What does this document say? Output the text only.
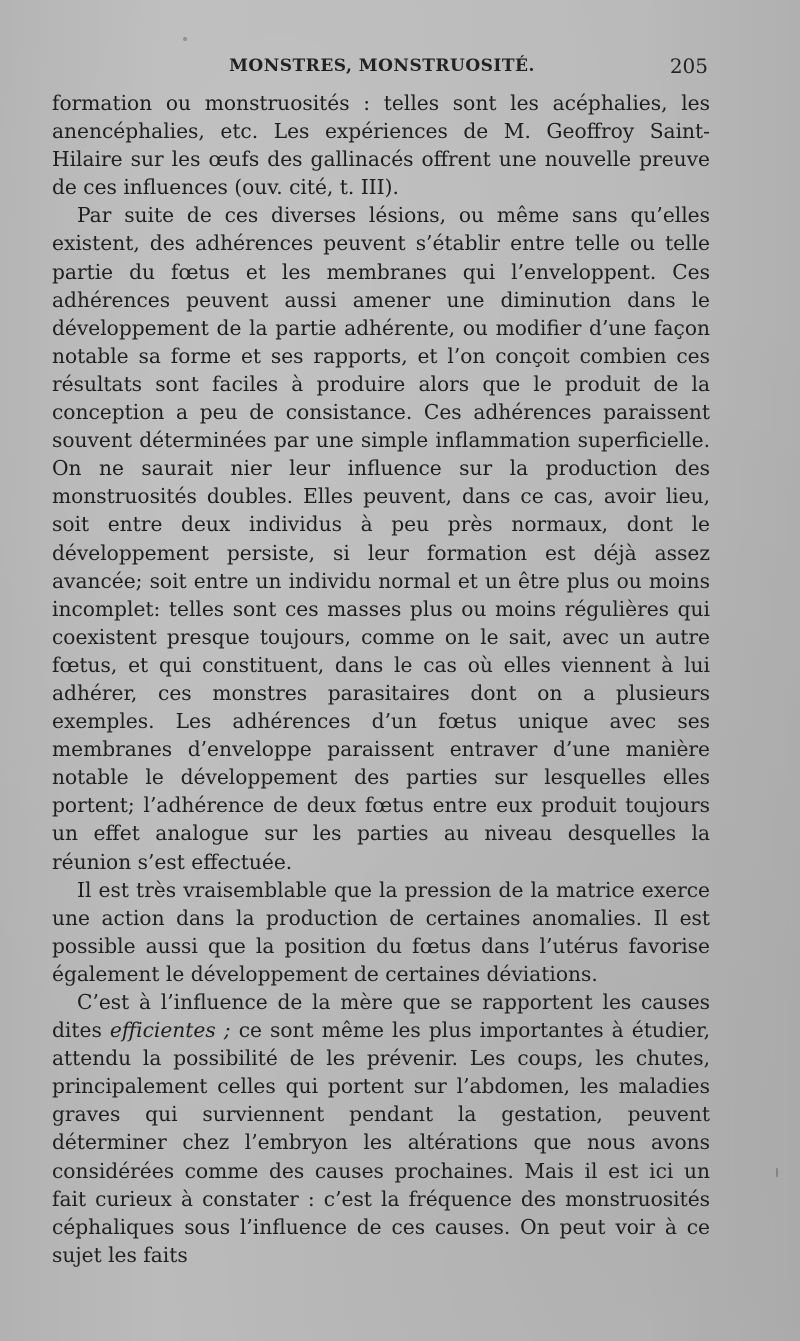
MONSTRES, MONSTRUOSITÉ.	205

formation ou monstruosités : telles sont les acéphalies, les anencéphalies, etc. Les expériences de M. Geoffroy Saint-Hilaire sur les œufs des gallinacés offrent une nouvelle preuve de ces influences (ouv. cité, t. III).

Par suite de ces diverses lésions, ou même sans qu’elles existent, des adhérences peuvent s’établir entre telle ou telle partie du fœtus et les membranes qui l’enveloppent. Ces adhérences peuvent aussi amener une diminution dans le développement de la partie adhérente, ou modifier d’une façon notable sa forme et ses rapports, et l’on conçoit combien ces résultats sont faciles à produire alors que le produit de la conception a peu de consistance. Ces adhérences paraissent souvent déterminées par une simple inflammation superficielle. On ne saurait nier leur influence sur la production des monstruosités doubles. Elles peuvent, dans ce cas, avoir lieu, soit entre deux individus à peu près normaux, dont le développement persiste, si leur formation est déjà assez avancée; soit entre un individu normal et un être plus ou moins incomplet: telles sont ces masses plus ou moins régulières qui coexistent presque toujours, comme on le sait, avec un autre fœtus, et qui constituent, dans le cas où elles viennent à lui adhérer, ces monstres parasitaires dont on a plusieurs exemples. Les adhérences d’un fœtus unique avec ses membranes d’enveloppe paraissent entraver d’une manière notable le développement des parties sur lesquelles elles portent; l’adhérence de deux fœtus entre eux produit toujours un effet analogue sur les parties au niveau desquelles la réunion s’est effectuée.

Il est très vraisemblable que la pression de la matrice exerce une action dans la production de certaines anomalies. Il est possible aussi que la position du fœtus dans l’utérus favorise également le développement de certaines déviations.

C’est à l’influence de la mère que se rapportent les causes dites efficientes ; ce sont même les plus importantes à étudier, attendu la possibilité de les prévenir. Les coups, les chutes, principalement celles qui portent sur l’abdomen, les maladies graves qui surviennent pendant la gestation, peuvent déterminer chez l’embryon les altérations que nous avons considérées comme des causes prochaines. Mais il est ici un fait curieux à constater : c’est la fréquence des monstruosités céphaliques sous l’influence de ces causes. On peut voir à ce sujet les faits
